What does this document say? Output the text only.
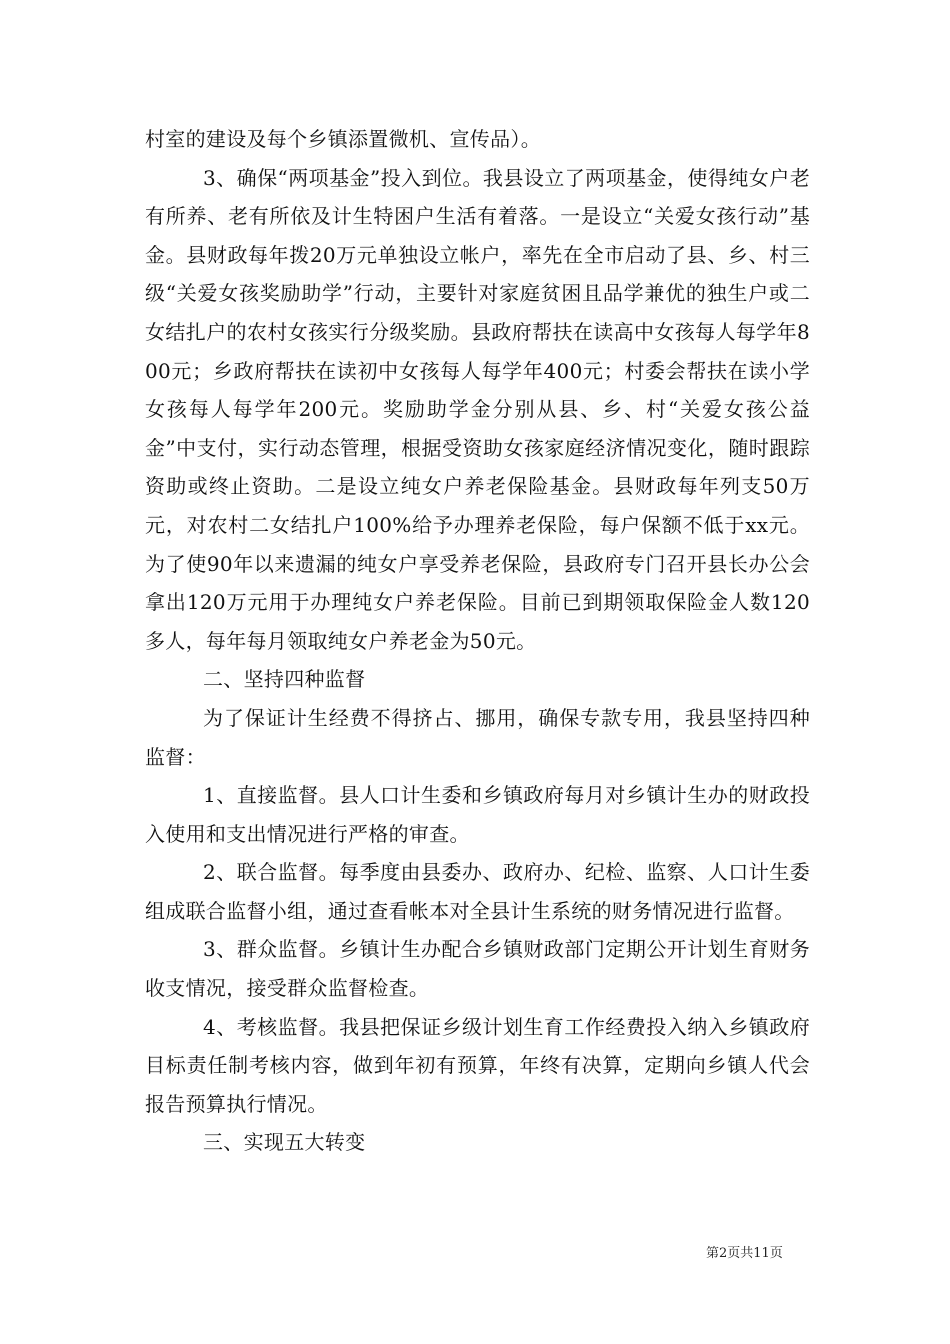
村室的建设及每个乡镇添置微机、宣传品）。

3、确保“两项基金”投入到位。我县设立了两项基金，使得纯女户老有所养、老有所依及计生特困户生活有着落。一是设立“关爱女孩行动”基金。县财政每年拨20万元单独设立帐户，率先在全市启动了县、乡、村三级“关爱女孩奖励助学”行动，主要针对家庭贫困且品学兼优的独生户或二女结扎户的农村女孩实行分级奖励。县政府帮扶在读高中女孩每人每学年800元；乡政府帮扶在读初中女孩每人每学年400元；村委会帮扶在读小学女孩每人每学年200元。奖励助学金分别从县、乡、村“关爱女孩公益金”中支付，实行动态管理，根据受资助女孩家庭经济情况变化，随时跟踪资助或终止资助。二是设立纯女户养老保险基金。县财政每年列支50万元，对农村二女结扎户100%给予办理养老保险，每户保额不低于xx元。为了使90年以来遗漏的纯女户享受养老保险，县政府专门召开县长办公会拿出120万元用于办理纯女户养老保险。目前已到期领取保险金人数120多人，每年每月领取纯女户养老金为50元。

二、坚持四种监督

为了保证计生经费不得挤占、挪用，确保专款专用，我县坚持四种监督：

1、直接监督。县人口计生委和乡镇政府每月对乡镇计生办的财政投入使用和支出情况进行严格的审查。

2、联合监督。每季度由县委办、政府办、纪检、监察、人口计生委组成联合监督小组，通过查看帐本对全县计生系统的财务情况进行监督。

3、群众监督。乡镇计生办配合乡镇财政部门定期公开计划生育财务收支情况，接受群众监督检查。

4、考核监督。我县把保证乡级计划生育工作经费投入纳入乡镇政府目标责任制考核内容，做到年初有预算，年终有决算，定期向乡镇人代会报告预算执行情况。

三、实现五大转变

第2页共11页
